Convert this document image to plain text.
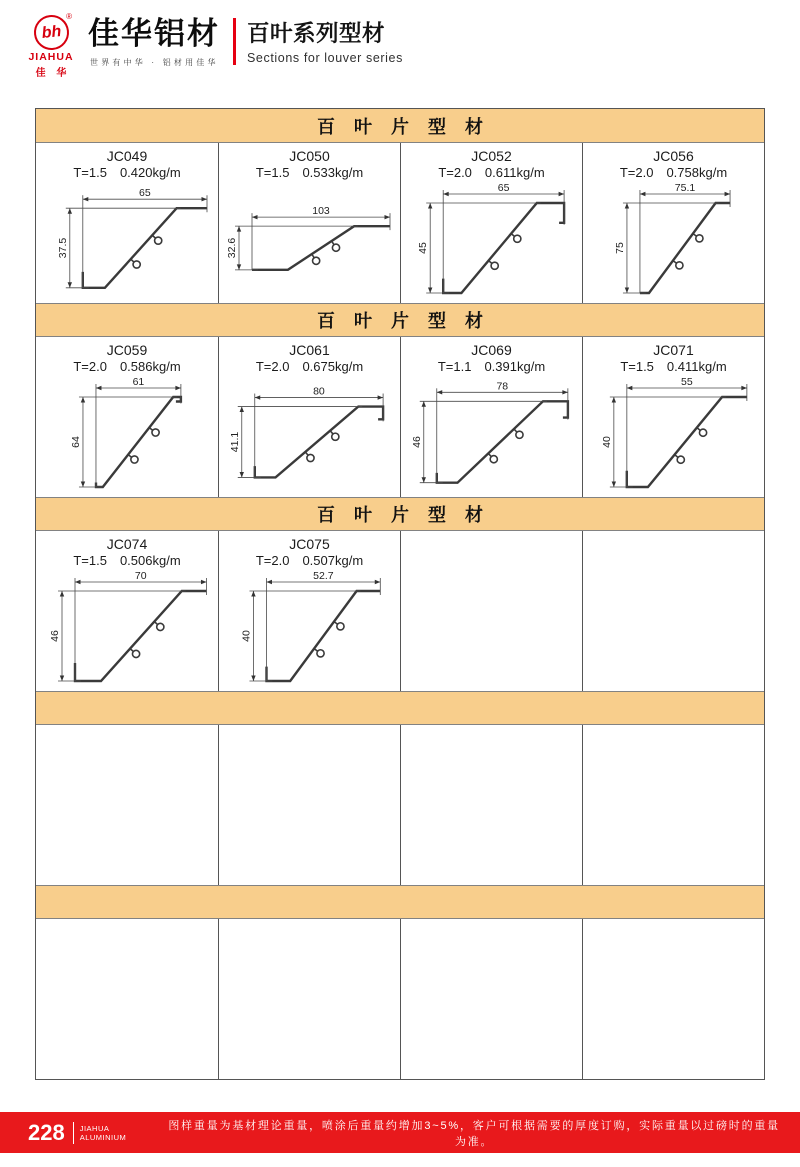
bh
®
JIAHUA
佳 华
佳华铝材
世界有中华 · 铝材用佳华
百叶系列型材
Sections for louver series
百 叶 片 型 材
JC049
T=1.5 0.420kg/m
65
37.5
JC050
T=1.5 0.533kg/m
103
32.6
JC052
T=2.0 0.611kg/m
65
45
JC056
T=2.0 0.758kg/m
75.1
75
百 叶 片 型 材
JC059
T=2.0 0.586kg/m
61
64
JC061
T=2.0 0.675kg/m
80
41.1
JC069
T=1.1 0.391kg/m
78
46
JC071
T=1.5 0.411kg/m
55
40
百 叶 片 型 材
JC074
T=1.5 0.506kg/m
70
46
JC075
T=2.0 0.507kg/m
52.7
40
228 JIAHUA
ALUMINIUM
图样重量为基材理论重量，喷涂后重量约增加3~5%，客户可根据需要的厚度订购，实际重量以过磅时的重量为准。
